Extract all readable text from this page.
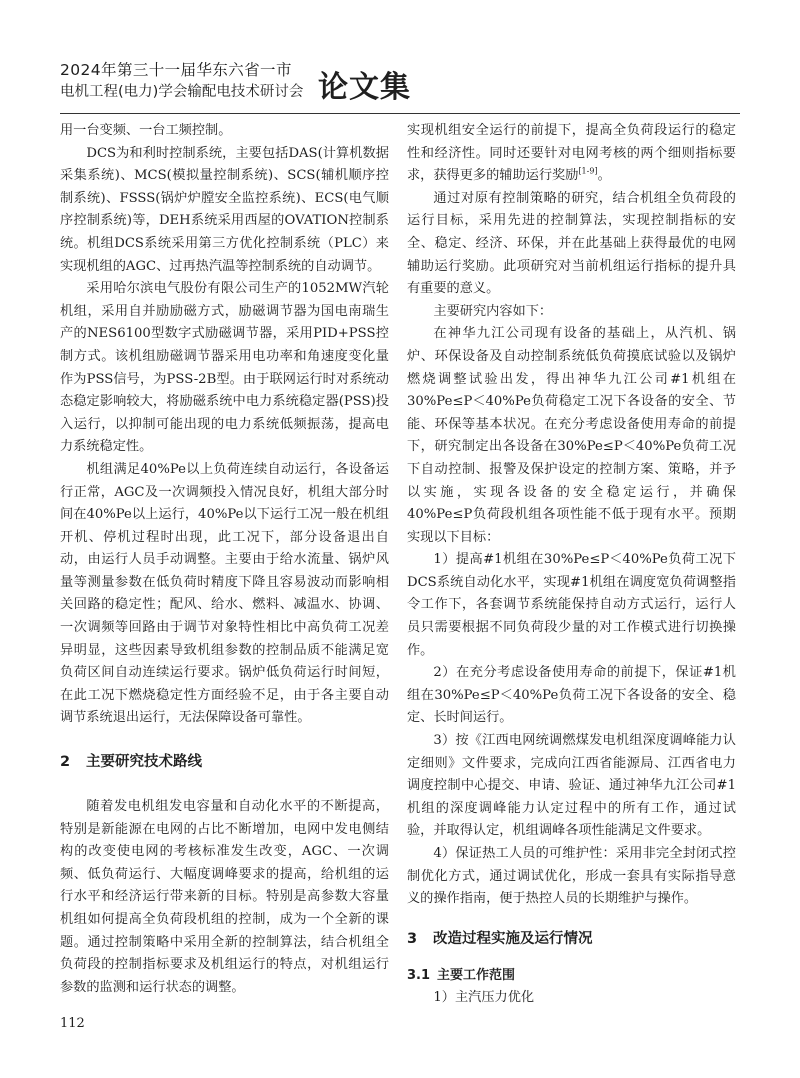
2024年第三十一届华东六省一市
电机工程(电力)学会输配电技术研讨会 论文集

用一台变频、一台工频控制。

DCS为和利时控制系统，主要包括DAS(计算机数据采集系统)、MCS(模拟量控制系统)、SCS(辅机顺序控制系统)、FSSS(锅炉炉膛安全监控系统)、ECS(电气顺序控制系统)等，DEH系统采用西屋的OVATION控制系统。机组DCS系统采用第三方优化控制系统（PLC）来实现机组的AGC、过再热汽温等控制系统的自动调节。

采用哈尔滨电气股份有限公司生产的1052MW汽轮机组，采用自并励励磁方式，励磁调节器为国电南瑞生产的NES6100型数字式励磁调节器，采用PID+PSS控制方式。该机组励磁调节器采用电功率和角速度变化量作为PSS信号，为PSS-2B型。由于联网运行时对系统动态稳定影响较大，将励磁系统中电力系统稳定器(PSS)投入运行，以抑制可能出现的电力系统低频振荡，提高电力系统稳定性。

机组满足40%Pe以上负荷连续自动运行，各设备运行正常，AGC及一次调频投入情况良好，机组大部分时间在40%Pe以上运行，40%Pe以下运行工况一般在机组开机、停机过程时出现，此工况下，部分设备退出自动，由运行人员手动调整。主要由于给水流量、锅炉风量等测量参数在低负荷时精度下降且容易波动而影响相关回路的稳定性；配风、给水、燃料、减温水、协调、一次调频等回路由于调节对象特性相比中高负荷工况差异明显，这些因素导致机组参数的控制品质不能满足宽负荷区间自动连续运行要求。锅炉低负荷运行时间短，在此工况下燃烧稳定性方面经验不足，由于各主要自动调节系统退出运行，无法保障设备可靠性。

2 主要研究技术路线

随着发电机组发电容量和自动化水平的不断提高，特别是新能源在电网的占比不断增加，电网中发电侧结构的改变使电网的考核标准发生改变，AGC、一次调频、低负荷运行、大幅度调峰要求的提高，给机组的运行水平和经济运行带来新的目标。特别是高参数大容量机组如何提高全负荷段机组的控制，成为一个全新的课题。通过控制策略中采用全新的控制算法，结合机组全负荷段的控制指标要求及机组运行的特点，对机组运行参数的监测和运行状态的调整。

实现机组安全运行的前提下，提高全负荷段运行的稳定性和经济性。同时还要针对电网考核的两个细则指标要求，获得更多的辅助运行奖励[1-9]。

通过对原有控制策略的研究，结合机组全负荷段的运行目标，采用先进的控制算法，实现控制指标的安全、稳定、经济、环保，并在此基础上获得最优的电网辅助运行奖励。此项研究对当前机组运行指标的提升具有重要的意义。

主要研究内容如下：

在神华九江公司现有设备的基础上，从汽机、锅炉、环保设备及自动控制系统低负荷摸底试验以及锅炉燃烧调整试验出发，得出神华九江公司#1机组在30%Pe≤P＜40%Pe负荷稳定工况下各设备的安全、节能、环保等基本状况。在充分考虑设备使用寿命的前提下，研究制定出各设备在30%Pe≤P＜40%Pe负荷工况下自动控制、报警及保护设定的控制方案、策略，并予以实施，实现各设备的安全稳定运行，并确保40%Pe≤P负荷段机组各项性能不低于现有水平。预期实现以下目标：

1）提高#1机组在30%Pe≤P＜40%Pe负荷工况下DCS系统自动化水平，实现#1机组在调度宽负荷调整指令工作下，各套调节系统能保持自动方式运行，运行人员只需要根据不同负荷段少量的对工作模式进行切换操作。

2）在充分考虑设备使用寿命的前提下，保证#1机组在30%Pe≤P＜40%Pe负荷工况下各设备的安全、稳定、长时间运行。

3）按《江西电网统调燃煤发电机组深度调峰能力认定细则》文件要求，完成向江西省能源局、江西省电力调度控制中心提交、申请、验证、通过神华九江公司#1机组的深度调峰能力认定过程中的所有工作，通过试验，并取得认定，机组调峰各项性能满足文件要求。

4）保证热工人员的可维护性：采用非完全封闭式控制优化方式，通过调试优化，形成一套具有实际指导意义的操作指南，便于热控人员的长期维护与操作。

3 改造过程实施及运行情况
3.1 主要工作范围

1）主汽压力优化

112
